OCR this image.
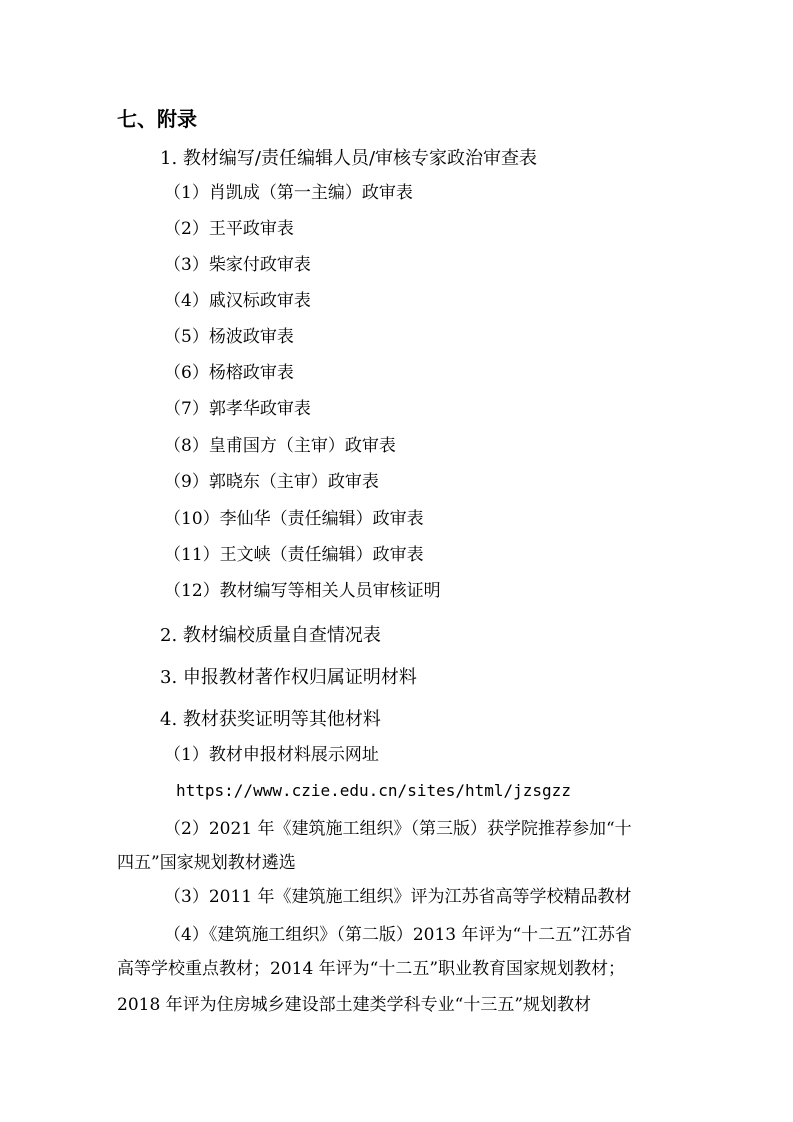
七、附录
1. 教材编写/责任编辑人员/审核专家政治审查表
（1）肖凯成（第一主编）政审表
（2）王平政审表
（3）柴家付政审表
（4）戚汉标政审表
（5）杨波政审表
（6）杨榕政审表
（7）郭孝华政审表
（8）皇甫国方（主审）政审表
（9）郭晓东（主审）政审表
（10）李仙华（责任编辑）政审表
（11）王文峡（责任编辑）政审表
（12）教材编写等相关人员审核证明
2. 教材编校质量自查情况表
3. 申报教材著作权归属证明材料
4. 教材获奖证明等其他材料
（1）教材申报材料展示网址
https://www.czie.edu.cn/sites/html/jzsgzz
（2）2021 年《建筑施工组织》（第三版）获学院推荐参加“十
四五”国家规划教材遴选
（3）2011 年《建筑施工组织》评为江苏省高等学校精品教材
（4）《建筑施工组织》（第二版）2013 年评为“十二五”江苏省
高等学校重点教材；2014 年评为“十二五”职业教育国家规划教材；
2018 年评为住房城乡建设部土建类学科专业“十三五”规划教材
